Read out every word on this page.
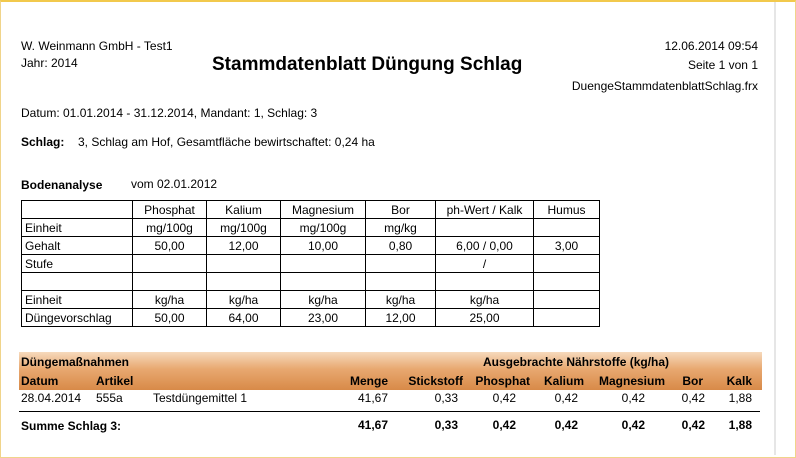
W. Weinmann GmbH - Test1
Jahr: 2014	Stammdatenblatt Düngung Schlag
12.06.2014 09:54
Seite 1 von 1
DuengeStammdatenblattSchlag.frx
Datum: 01.01.2014 - 31.12.2014, Mandant: 1, Schlag: 3
Schlag: 3, Schlag am Hof, Gesamtfläche bewirtschaftet: 0,24 ha
Bodenanalyse vom 02.01.2012
	Phosphat	Kalium	Magnesium	Bor	ph-Wert / Kalk	Humus
Einheit	mg/100g	mg/100g	mg/100g	mg/kg		
Gehalt	50,00	12,00	10,00	0,80	6,00 / 0,00	3,00
Stufe					/	

Einheit	kg/ha	kg/ha	kg/ha	kg/ha	kg/ha	
Düngevorschlag	50,00	64,00	23,00	12,00	25,00	
Düngemaßnahmen	Ausgebrachte Nährstoffe (kg/ha)
Datum	Artikel	Menge Stickstoff Phosphat Kalium Magnesium Bor Kalk
28.04.2014 555a	Testdüngemittel 1	41,67	0,33	0,42	0,42	0,42	0,42 1,88
Summe Schlag 3:	41,67	0,33	0,42	0,42	0,42	0,42 1,88
